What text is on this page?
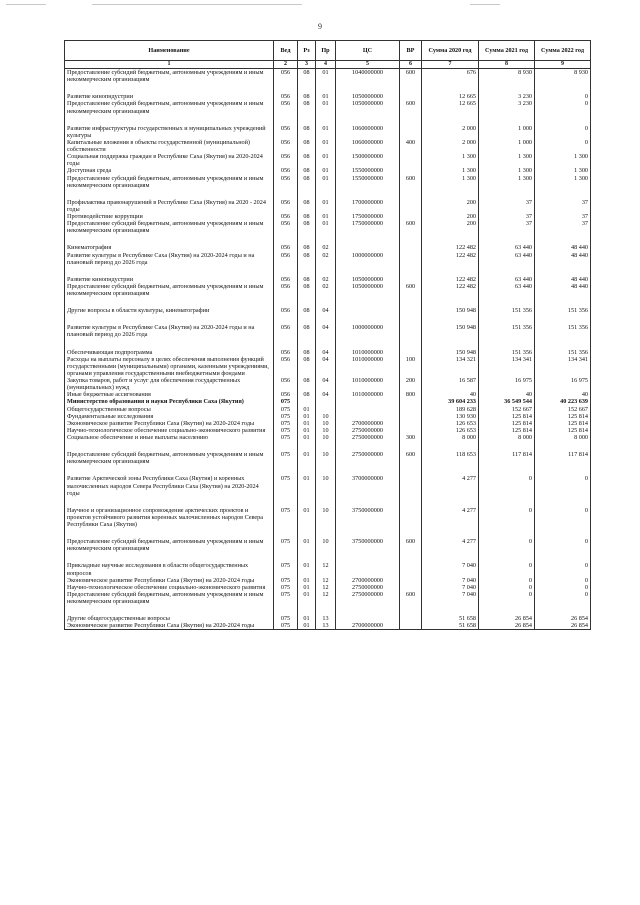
9
Наименование	Вед	Рз	Пр	ЦС	ВР	Сумма 2020 год	Сумма 2021 год	Сумма 2022 год
1	2	3	4	5	6	7	8	9
Предоставление субсидий бюджетным, автономным учреждениям и иным некоммерческим организациям	056	08	01	1040000000	600	676	8 930	8 930

Развитие кинопндустрии	056	08	01	1050000000		12 665	3 230	0
Предоставление субсидий бюджетным, автономным учреждениям и иным некоммерческим организациям	056	08	01	1050000000	600	12 665	3 230	0

Развитие инфраструктуры государственных и муниципальных учреждений культуры	056	08	01	1060000000		2 000	1 000	0
Капитальные вложения в объекты государственной (муниципальной) собственности	056	08	01	1060000000	400	2 000	1 000	0
Социальная поддержка граждан в Республике Саха (Якутия) на 2020-2024 годы	056	08	01	1500000000		1 300	1 300	1 300
Доступная среда	056	08	01	1550000000		1 300	1 300	1 300
Предоставление субсидий бюджетным, автономным учреждениям и иным некоммерческим организациям	056	08	01	1550000000	600	1 300	1 300	1 300

Профилактика правонарушений в Республике Саха (Якутия) на 2020 - 2024 годы	056	08	01	1700000000		200	37	37
Противодействие коррупции	056	08	01	1750000000		200	37	37
Предоставление субсидий бюджетным, автономным учреждениям и иным некоммерческим организациям	056	08	01	1750000000	600	200	37	37

Кинематография	056	08	02			122 482	63 440	48 440
Развитие культуры в Республике Саха (Якутия) на 2020-2024 годы и на плановый период до 2026 года	056	08	02	1000000000		122 482	63 440	48 440

Развитие кинопндустрии	056	08	02	1050000000		122 482	63 440	48 440
Предоставление субсидий бюджетным, автономным учреждениям и иным некоммерческим организациям	056	08	02	1050000000	600	122 482	63 440	48 440

Другие вопросы в области культуры, кинематографии	056	08	04			150 948	151 356	151 356

Развитие культуры в Республике Саха (Якутия) на 2020-2024 годы и на плановый период до 2026 года	056	08	04	1000000000		150 948	151 356	151 356

Обеспечивающая подпрограмма	056	08	04	1010000000		150 948	151 356	151 356
Расходы на выплаты персоналу в целях обеспечения выполнения функций государственными (муниципальными) органами, казенными учреждениями, органами управления государственными внебюджетными фондами	056	08	04	1010000000	100	134 321	134 341	134 341
Закупка товаров, работ и услуг для обеспечения государственных (муниципальных) нужд	056	08	04	1010000000	200	16 587	16 975	16 975
Иные бюджетные ассигнования	056	08	04	1010000000	800	40	40	40
Министерство образования и науки Республики Саха (Якутия)	075					39 604 233	36 549 544	40 223 639
Общегосударственные вопросы	075	01				189 628	152 667	152 667
Фундаментальные исследования	075	01	10			130 930	125 814	125 814
Экономическое развитие Республики Саха (Якутия) на 2020-2024 годы	075	01	10	2700000000		126 653	125 814	125 814
Научно-технологическое обеспечение социально-экономического развития	075	01	10	2750000000		126 653	125 814	125 814
Социальное обеспечение и иные выплаты населению	075	01	10	2750000000	300	8 000	8 000	8 000

Предоставление субсидий бюджетным, автономным учреждениям и иным некоммерческим организациям	075	01	10	2750000000	600	118 653	117 814	117 814

Развитие Арктической зоны Республики Саха (Якутия) и коренных малочисленных народов Севера Республики Саха (Якутия) на 2020-2024 годы	075	01	10	3700000000		4 277	0	0

Научное и организационное сопровождение арктических проектов и проектов устойчивого развития коренных малочисленных народов Севера Республики Саха (Якутия)	075	01	10	3750000000		4 277	0	0

Предоставление субсидий бюджетным, автономным учреждениям и иным некоммерческим организациям	075	01	10	3750000000	600	4 277	0	0

Прикладные научные исследования в области общегосударственных вопросов	075	01	12			7 040	0	0
Экономическое развитие Республики Саха (Якутия) на 2020-2024 годы	075	01	12	2700000000		7 040	0	0
Научно-технологическое обеспечение социально-экономического развития	075	01	12	2750000000		7 040	0	0
Предоставление субсидий бюджетным, автономным учреждениям и иным некоммерческим организациям	075	01	12	2750000000	600	7 040	0	0

Другие общегосударственные вопросы	075	01	13			51 658	26 854	26 854
Экономическое развитие Республики Саха (Якутия) на 2020-2024 годы	075	01	13	2700000000		51 658	26 854	26 854
